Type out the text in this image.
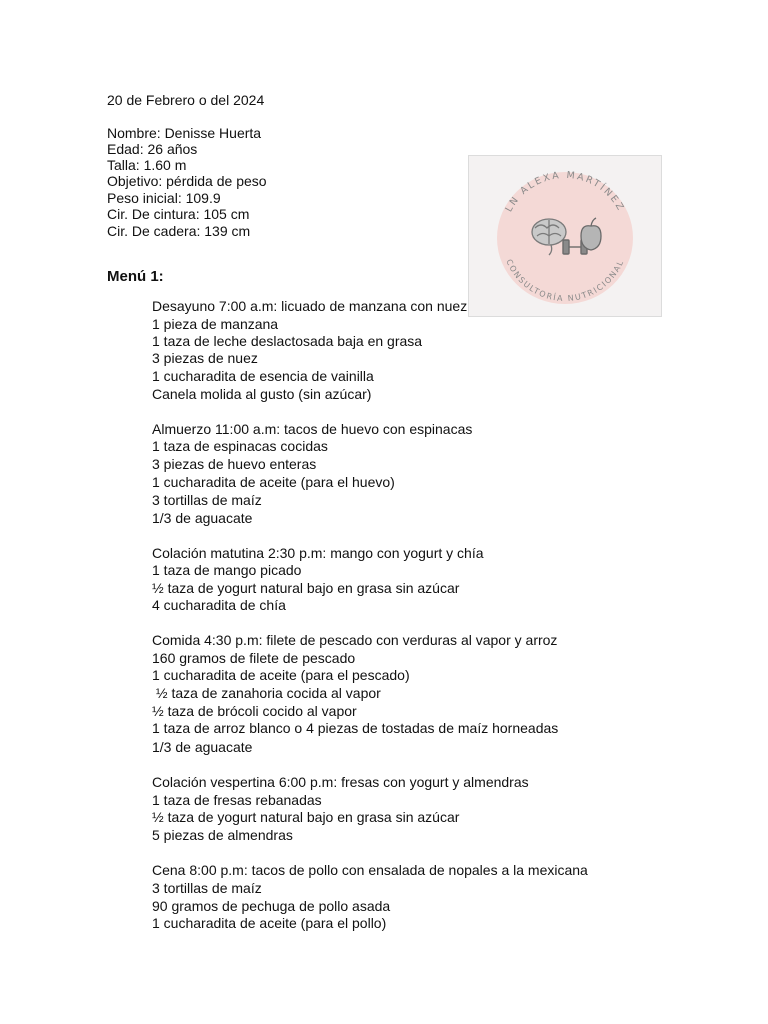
20 de Febrero o del 2024
Nombre: Denisse Huerta
Edad: 26 años
Talla: 1.60 m
Objetivo: pérdida de peso
Peso inicial: 109.9
Cir. De cintura: 105 cm
Cir. De cadera: 139 cm
LN ALEXA MARTÍNEZ
CONSULTORÍA NUTRICIONAL
Menú 1:
Desayuno 7:00 a.m: licuado de manzana con nuez
1 pieza de manzana
1 taza de leche deslactosada baja en grasa
3 piezas de nuez
1 cucharadita de esencia de vainilla
Canela molida al gusto (sin azúcar)
Almuerzo 11:00 a.m: tacos de huevo con espinacas
1 taza de espinacas cocidas
3 piezas de huevo enteras
1 cucharadita de aceite (para el huevo)
3 tortillas de maíz
1/3 de aguacate
Colación matutina 2:30 p.m: mango con yogurt y chía
1 taza de mango picado
½ taza de yogurt natural bajo en grasa sin azúcar
4 cucharadita de chía
Comida 4:30 p.m: filete de pescado con verduras al vapor y arroz
160 gramos de filete de pescado
1 cucharadita de aceite (para el pescado)
½ taza de zanahoria cocida al vapor
½ taza de brócoli cocido al vapor
1 taza de arroz blanco o 4 piezas de tostadas de maíz horneadas
1/3 de aguacate
Colación vespertina 6:00 p.m: fresas con yogurt y almendras
1 taza de fresas rebanadas
½ taza de yogurt natural bajo en grasa sin azúcar
5 piezas de almendras
Cena 8:00 p.m: tacos de pollo con ensalada de nopales a la mexicana
3 tortillas de maíz
90 gramos de pechuga de pollo asada
1 cucharadita de aceite (para el pollo)
